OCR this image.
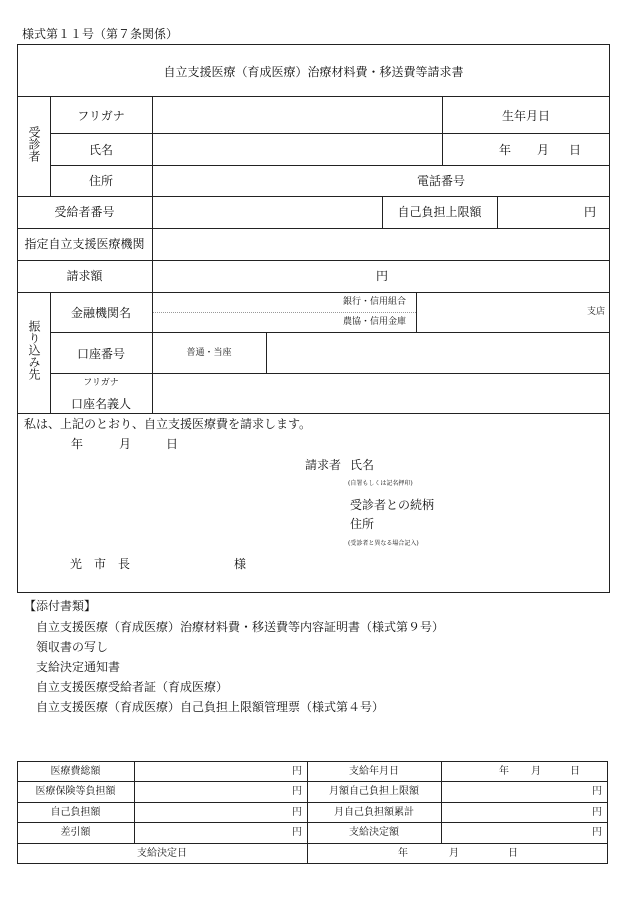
様式第１１号（第７条関係）
自立支援医療（育成医療）治療材料費・移送費等請求書
受診者
フリガナ	生年月日
氏名	年 月 日
住所	電話番号
受給者番号	自己負担上限額	円
指定自立支援医療機関
請求額	円
振り込み先
金融機関名
銀行・信用組合
農協・信用金庫
支店
口座番号	普通・当座
フリガナ
口座名義人
私は、上記のとおり、自立支援医療費を請求します。
年	月	日
請求者 氏名
(自署もしくは記名押印)
受診者との続柄
住所
(受診者と異なる場合記入)
光 市 長	様
【添付書類】
自立支援医療（育成医療）治療材料費・移送費等内容証明書（様式第９号）
領収書の写し
支給決定通知書
自立支援医療受給者証（育成医療）
自立支援医療（育成医療）自己負担上限額管理票（様式第４号）
医療費総額	円	支給年月日	年 月	日
医療保険等負担額	円	月額自己負担上限額	円
自己負担額	円	月自己負担額累計	円
差引額	円	支給決定額	円
支給決定日	年	月	日
